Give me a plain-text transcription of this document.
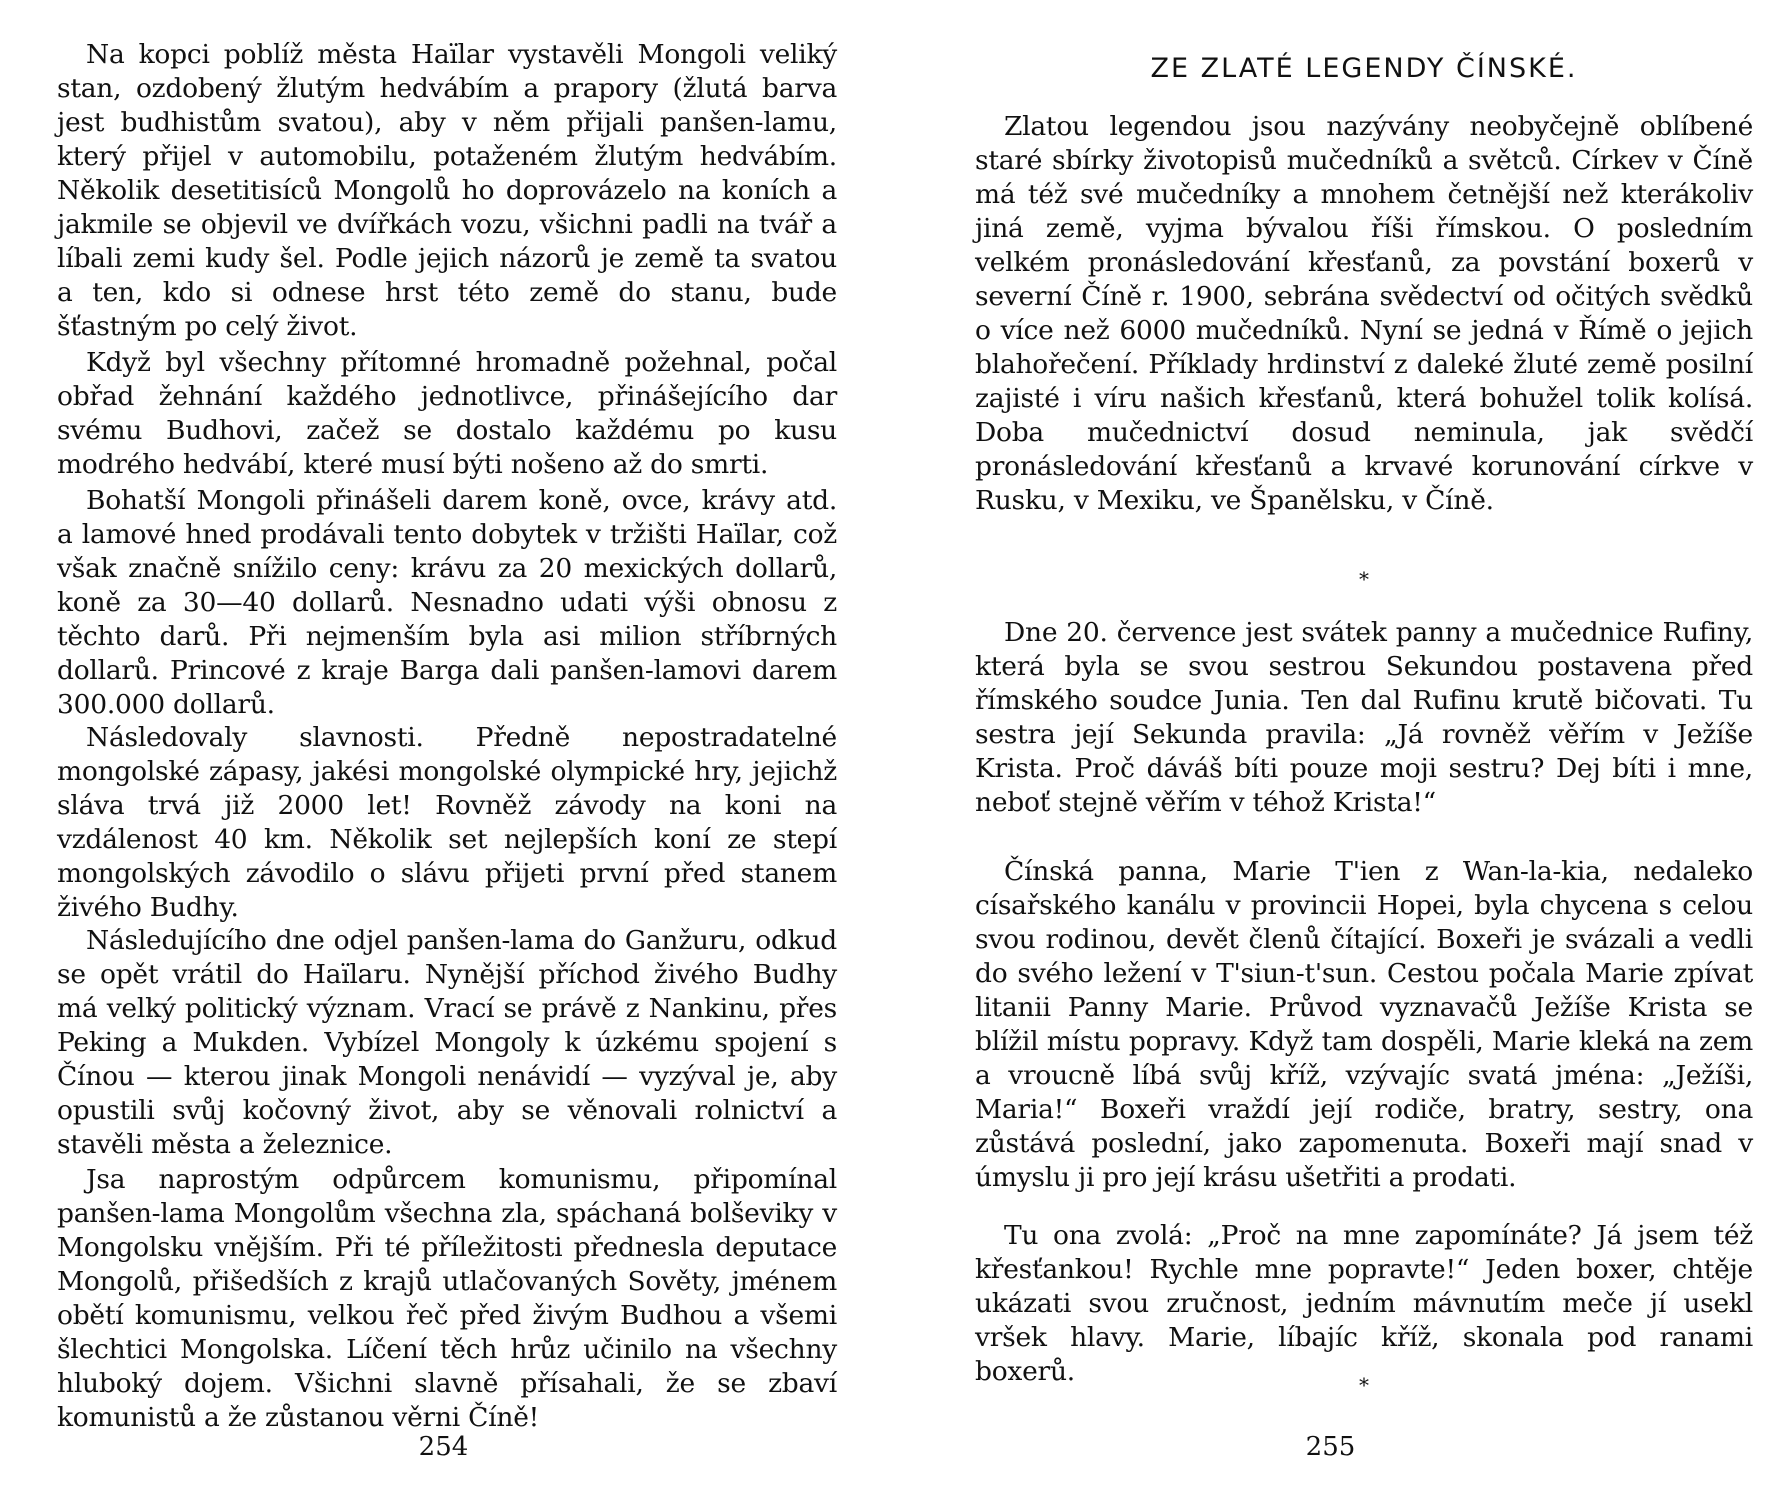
Na kopci poblíž města Haïlar vystavěli Mongoli veliký stan, ozdobený žlutým hedvábím a prapory (žlutá barva jest budhistům svatou), aby v něm přijali panšen-lamu, který přijel v automobilu, potaženém žlutým hedvábím. Několik desetitisíců Mongolů ho doprovázelo na koních a jakmile se objevil ve dvířkách vozu, všichni padli na tvář a líbali zemi kudy šel. Podle jejich názorů je země ta svatou a ten, kdo si odnese hrst této země do stanu, bude šťastným po celý život.

Když byl všechny přítomné hromadně požehnal, počal obřad žehnání každého jednotlivce, přinášejícího dar svému Budhovi, začež se dostalo každému po kusu modrého hedvábí, které musí býti nošeno až do smrti.

Bohatší Mongoli přinášeli darem koně, ovce, krávy atd. a lamové hned prodávali tento dobytek v tržišti Haïlar, což však značně snížilo ceny: krávu za 20 mexických dollarů, koně za 30—40 dollarů. Nesnadno udati výši obnosu z těchto darů. Při nejmenším byla asi milion stříbrných dollarů. Princové z kraje Barga dali panšen-lamovi darem 300.000 dollarů.

Následovaly slavnosti. Předně nepostradatelné mongolské zápasy, jakési mongolské olympické hry, jejichž sláva trvá již 2000 let! Rovněž závody na koni na vzdálenost 40 km. Několik set nejlepších koní ze stepí mongolských závodilo o slávu přijeti první před stanem živého Budhy.

Následujícího dne odjel panšen-lama do Ganžuru, odkud se opět vrátil do Haïlaru. Nynější příchod živého Budhy má velký politický význam. Vrací se právě z Nankinu, přes Peking a Mukden. Vybízel Mongoly k úzkému spojení s Čínou — kterou jinak Mongoli nenávidí — vyzýval je, aby opustili svůj kočovný život, aby se věnovali rolnictví a stavěli města a železnice.

Jsa naprostým odpůrcem komunismu, připomínal panšen-lama Mongolům všechna zla, spáchaná bolševiky v Mongolsku vnějším. Při té příležitosti přednesla deputace Mongolů, přišedších z krajů utlačovaných Sověty, jménem obětí komunismu, velkou řeč před živým Budhou a všemi šlechtici Mongolska. Líčení těch hrůz učinilo na všechny hluboký dojem. Všichni slavně přísahali, že se zbaví komunistů a že zůstanou věrni Číně!

254
ZE ZLATÉ LEGENDY ČÍNSKÉ.

Zlatou legendou jsou nazývány neobyčejně oblíbené staré sbírky životopisů mučedníků a světců. Církev v Číně má též své mučedníky a mnohem četnější než kterákoliv jiná země, vyjma bývalou říši římskou. O posledním velkém pronásledování křesťanů, za povstání boxerů v severní Číně r. 1900, sebrána svědectví od očitých svědků o více než 6000 mučedníků. Nyní se jedná v Římě o jejich blahořečení. Příklady hrdinství z daleké žluté země posilní zajisté i víru našich křesťanů, která bohužel tolik kolísá. Doba mučednictví dosud neminula, jak svědčí pronásledování křesťanů a krvavé korunování církve v Rusku, v Mexiku, ve Španělsku, v Číně.

*

Dne 20. července jest svátek panny a mučednice Rufiny, která byla se svou sestrou Sekundou postavena před římského soudce Junia. Ten dal Rufinu krutě bičovati. Tu sestra její Sekunda pravila: „Já rovněž věřím v Ježíše Krista. Proč dáváš bíti pouze moji sestru? Dej bíti i mne, neboť stejně věřím v téhož Krista!“

Čínská panna, Marie T'ien z Wan-la-kia, nedaleko císařského kanálu v provincii Hopei, byla chycena s celou svou rodinou, devět členů čítající. Boxeři je svázali a vedli do svého ležení v T'siun-t'sun. Cestou počala Marie zpívat litanii Panny Marie. Průvod vyznavačů Ježíše Krista se blížil místu popravy. Když tam dospěli, Marie kleká na zem a vroucně líbá svůj kříž, vzývajíc svatá jména: „Ježíši, Maria!“ Boxeři vraždí její rodiče, bratry, sestry, ona zůstává poslední, jako zapomenuta. Boxeři mají snad v úmyslu ji pro její krásu ušetřiti a prodati.

Tu ona zvolá: „Proč na mne zapomínáte? Já jsem též křesťankou! Rychle mne popravte!“ Jeden boxer, chtěje ukázati svou zručnost, jedním mávnutím meče jí usekl vršek hlavy. Marie, líbajíc kříž, skonala pod ranami boxerů.	*
255
